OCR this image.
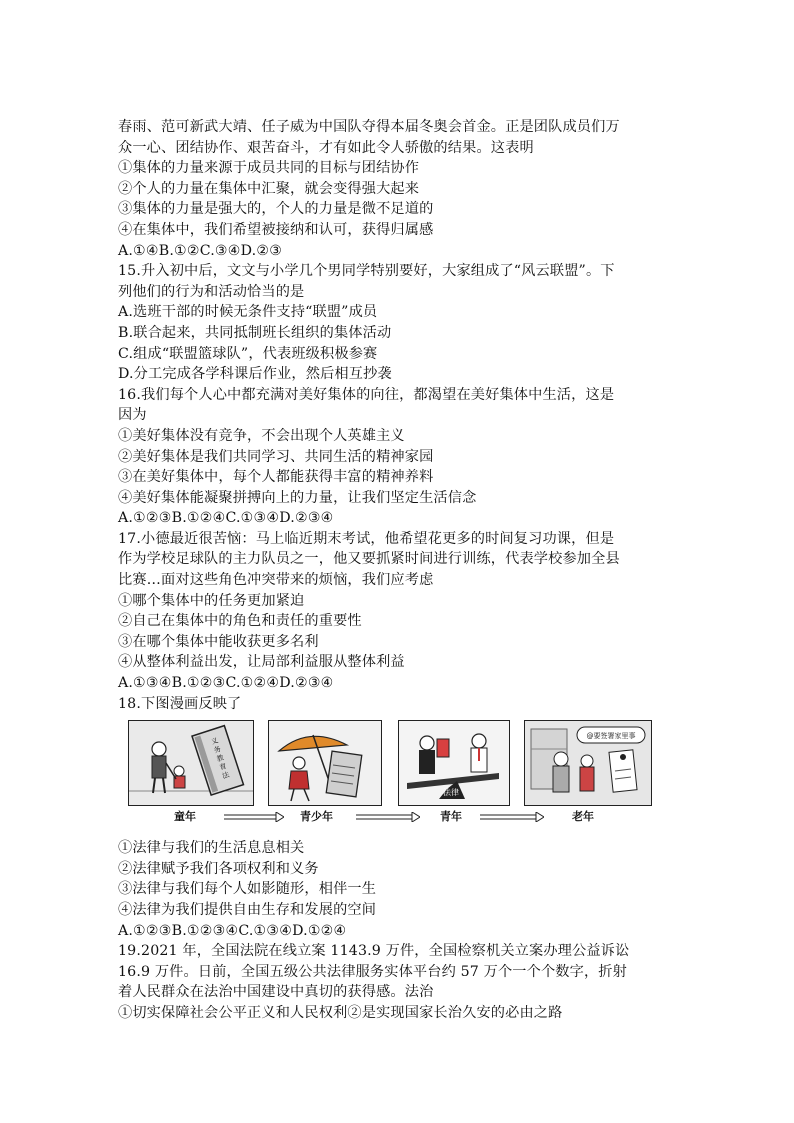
春雨、范可新武大靖、任子威为中国队夺得本届冬奥会首金。正是团队成员们万
众一心、团结协作、艰苦奋斗，才有如此令人骄傲的结果。这表明
①集体的力量来源于成员共同的目标与团结协作
②个人的力量在集体中汇聚，就会变得强大起来
③集体的力量是强大的，个人的力量是微不足道的
④在集体中，我们希望被接纳和认可，获得归属感
A.①④B.①②C.③④D.②③
15.升入初中后，文文与小学几个男同学特别要好，大家组成了“风云联盟”。下
列他们的行为和活动恰当的是
A.选班干部的时候无条件支持“联盟”成员
B.联合起来，共同抵制班长组织的集体活动
C.组成“联盟篮球队”，代表班级积极参赛
D.分工完成各学科课后作业，然后相互抄袭
16.我们每个人心中都充满对美好集体的向往，都渴望在美好集体中生活，这是
因为
①美好集体没有竞争，不会出现个人英雄主义
②美好集体是我们共同学习、共同生活的精神家园
③在美好集体中，每个人都能获得丰富的精神养料
④美好集体能凝聚拼搏向上的力量，让我们坚定生活信念
A.①②③B.①②④C.①③④D.②③④
17.小德最近很苦恼：马上临近期末考试，他希望花更多的时间复习功课，但是
作为学校足球队的主力队员之一，他又要抓紧时间进行训练，代表学校参加全县
比赛…面对这些角色冲突带来的烦恼，我们应考虑
①哪个集体中的任务更加紧迫
②自己在集体中的角色和责任的重要性
③在哪个集体中能收获更多名利
④从整体利益出发，让局部利益服从整体利益
A.①③④B.①②③C.①②④D.②③④
18.下图漫画反映了
义
务
教
育
法
法律
@要签署家里事
童年	青少年	青年	老年
①法律与我们的生活息息相关
②法律赋予我们各项权利和义务
③法律与我们每个人如影随形，相伴一生
④法律为我们提供自由生存和发展的空间
A.①②③B.①②③④C.①③④D.①②④
19.2021 年，全国法院在线立案 1143.9 万件，全国检察机关立案办理公益诉讼
16.9 万件。日前，全国五级公共法律服务实体平台约 57 万个一个个数字，折射
着人民群众在法治中国建设中真切的获得感。法治
①切实保障社会公平正义和人民权利②是实现国家长治久安的必由之路
